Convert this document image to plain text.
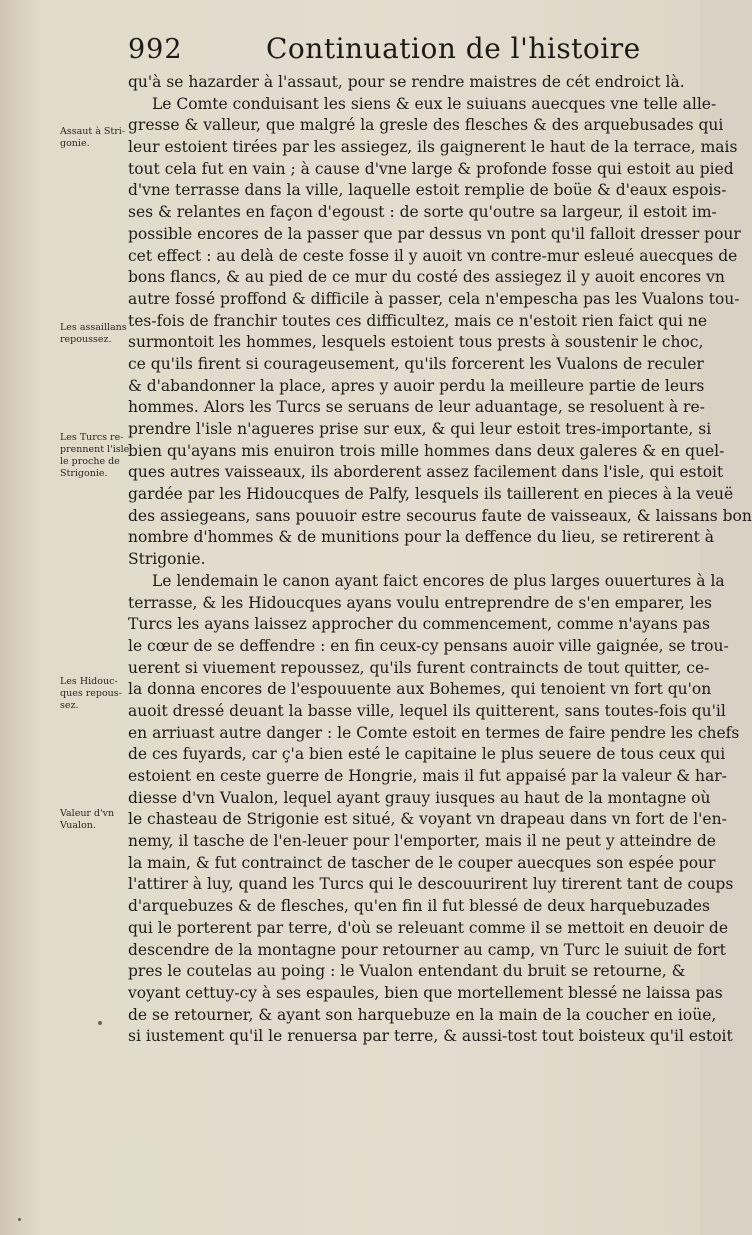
992	Continuation de l'histoire
Assaut à Stri-
gonie.
Les assaillans
repoussez.
Les Turcs re-
prennent l'isle
le proche de
Strigonie.
Les Hidouc-
ques repous-
sez.
Valeur d'vn
Vualon.
qu'à se hazarder à l'assaut, pour se rendre maistres de cét endroict là.
Le Comte conduisant les siens & eux le suiuans auecques vne telle alle-
gresse & valleur, que malgré la gresle des flesches & des arquebusades qui
leur estoient tirées par les assiegez, ils gaignerent le haut de la terrace, mais
tout cela fut en vain ; à cause d'vne large & profonde fosse qui estoit au pied
d'vne terrasse dans la ville, laquelle estoit remplie de boüe & d'eaux espois-
ses & relantes en façon d'egoust : de sorte qu'outre sa largeur, il estoit im-
possible encores de la passer que par dessus vn pont qu'il falloit dresser pour
cet effect : au delà de ceste fosse il y auoit vn contre-mur esleué auecques de
bons flancs, & au pied de ce mur du costé des assiegez il y auoit encores vn
autre fossé proffond & difficile à passer, cela n'empeschа pas les Vualons tou-
tes-fois de franchir toutes ces difficultez, mais ce n'estoit rien faict qui ne
surmontoit les hommes, lesquels estoient tous prests à soustenir le choc,
ce qu'ils firent si courageusement, qu'ils forcerent les Vualons de reculer
& d'abandonner la place, apres y auoir perdu la meilleure partie de leurs
hommes. Alors les Turcs se seruans de leur aduantage, se resoluent à re-
prendre l'isle n'agueres prise sur eux, & qui leur estoit tres-importante, si
bien qu'ayans mis enuiron trois mille hommes dans deux galeres & en quel-
ques autres vaisseaux, ils aborderent assez facilement dans l'isle, qui estoit
gardée par les Hidoucques de Palfy, lesquels ils taillerent en pieces à la veuë
des assiegeans, sans pouuoir estre secourus faute de vaisseaux, & laissans bon
nombre d'hommes & de munitions pour la deffence du lieu, se retirerent à
Strigonie.
Le lendemain le canon ayant faict encores de plus larges ouuertures à la
terrasse, & les Hidoucques ayans voulu entreprendre de s'en emparer, les
Turcs les ayans laissez approcher du commencement, comme n'ayans pas
le cœur de se deffendre : en fin ceux-cy pensans auoir ville gaignée, se trou-
uerent si viuement repoussez, qu'ils furent contraincts de tout quitter, ce-
la donna encores de l'espouuente aux Bohemes, qui tenoient vn fort qu'on
auoit dressé deuant la basse ville, lequel ils quitterent, sans toutes-fois qu'il
en arriuast autre danger : le Comte estoit en termes de faire pendre les chefs
de ces fuyards, car ç'a bien esté le capitaine le plus seuere de tous ceux qui
estoient en ceste guerre de Hongrie, mais il fut appaisé par la valeur & har-
diesse d'vn Vualon, lequel ayant grauy iusques au haut de la montagne où
le chasteau de Strigonie est situé, & voyant vn drapeau dans vn fort de l'en-
nemy, il tasche de l'en-leuer pour l'emporter, mais il ne peut y atteindre de
la main, & fut contrainct de tascher de le couper auecques son espée pour
l'attirer à luy, quand les Turcs qui le descouurirent luy tirerent tant de coups
d'arquebuzes & de flesches, qu'en fin il fut blessé de deux harquebuzades
qui le porterent par terre, d'où se releuant comme il se mettoit en deuoir de
descendre de la montagne pour retourner au camp, vn Turc le suiuit de fort
pres le coutelas au poing : le Vualon entendant du bruit se retourne, &
voyant cettuy-cy à ses espaules, bien que mortellement blessé ne laissa pas
de se retourner, & ayant son harquebuze en la main de la coucher en ioüe,
si iustement qu'il le renuersa par terre, & aussi-tost tout boisteux qu'il estoit
